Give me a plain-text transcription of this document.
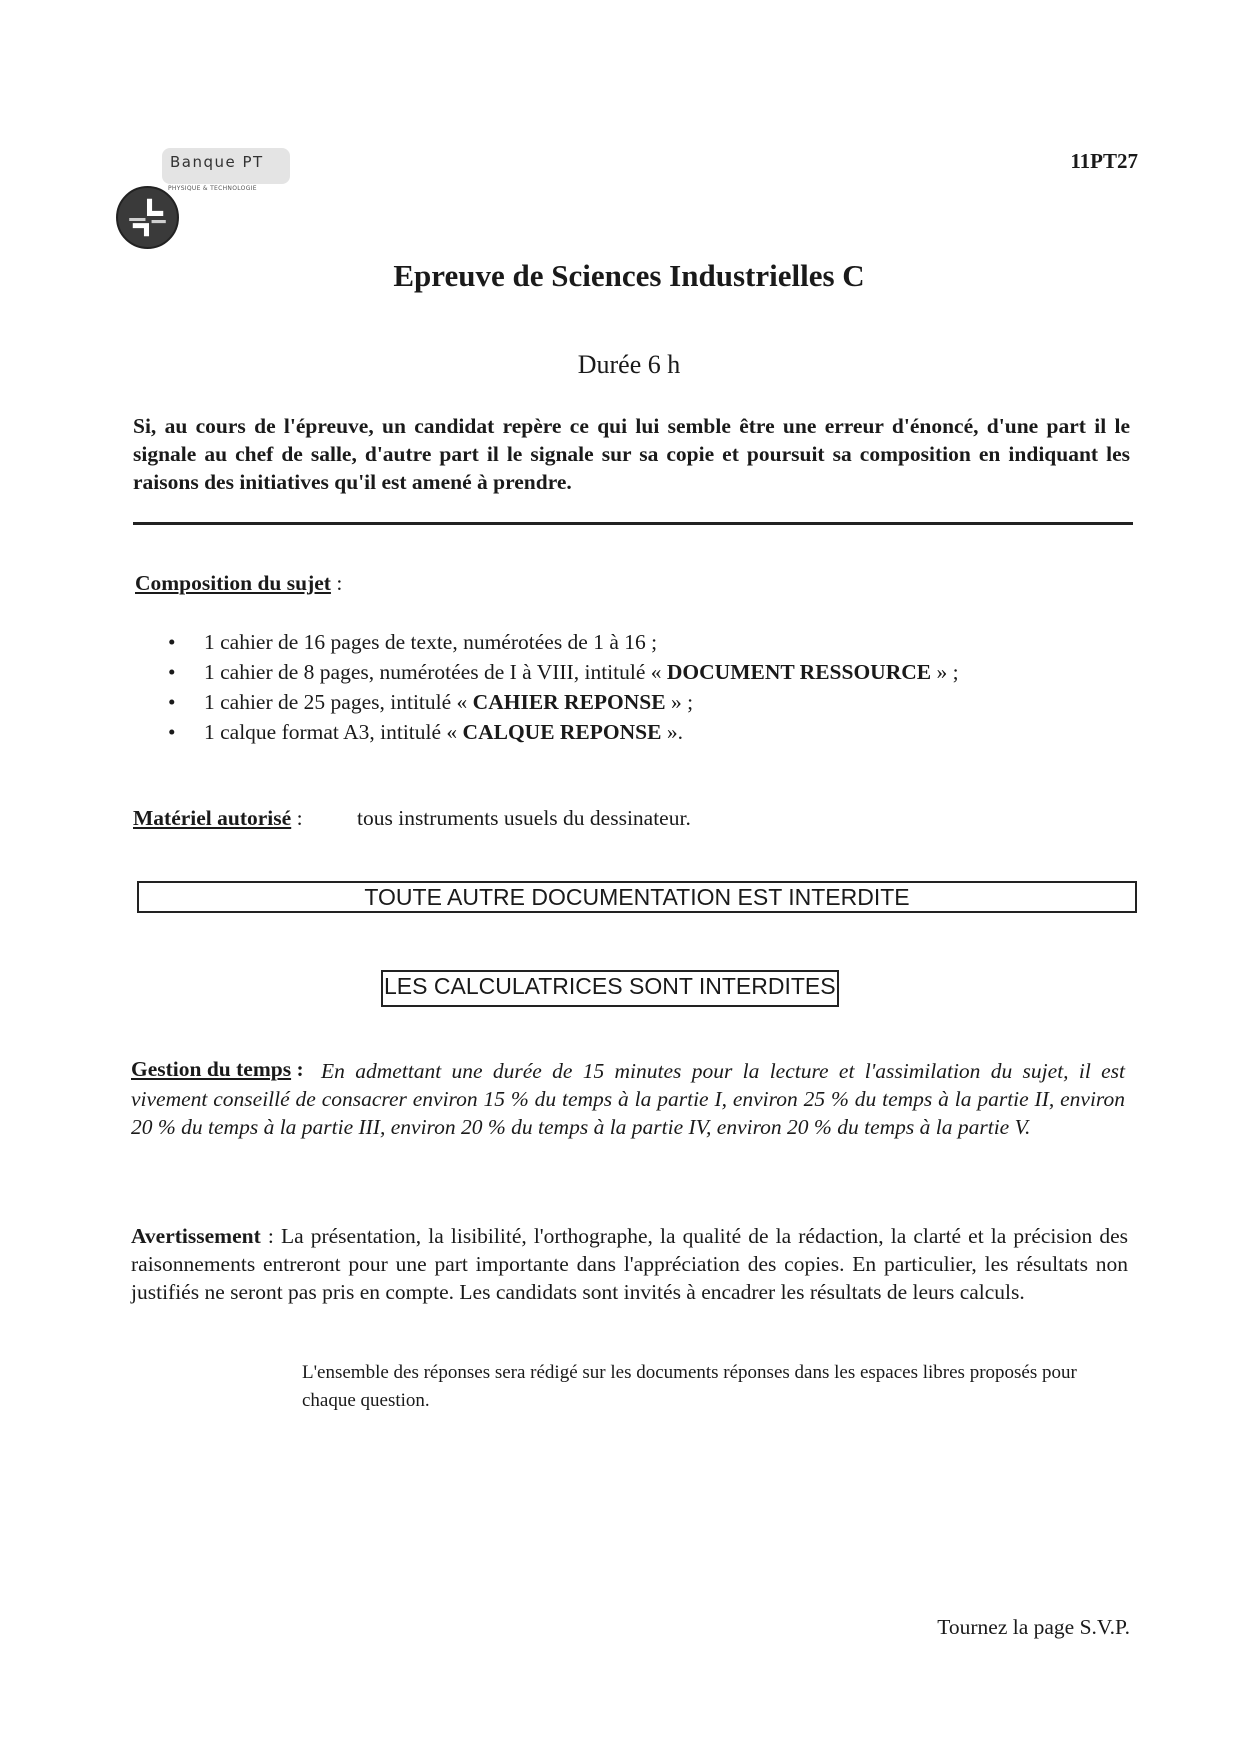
Banque PT
PHYSIQUE & TECHNOLOGIE
11PT27
Epreuve de Sciences Industrielles C
Durée 6 h
Si, au cours de l'épreuve, un candidat repère ce qui lui semble être une erreur d'énoncé, d'une part il le signale au chef de salle, d'autre part il le signale sur sa copie et poursuit sa composition en indiquant les raisons des initiatives qu'il est amené à prendre.
Composition du sujet :
• 1 cahier de 16 pages de texte, numérotées de 1 à 16 ;
• 1 cahier de 8 pages, numérotées de I à VIII, intitulé « DOCUMENT RESSOURCE » ;
• 1 cahier de 25 pages, intitulé « CAHIER REPONSE » ;
• 1 calque format A3, intitulé « CALQUE REPONSE ».
Matériel autorisé :	tous instruments usuels du dessinateur.
TOUTE AUTRE DOCUMENTATION EST INTERDITE
LES CALCULATRICES SONT INTERDITES
En admettant une durée de 15 minutes pour la lecture et l'assimilation du sujet, il est vivement conseillé de consacrer environ 15 % du temps à la partie I, environ 25 % du temps à la partie II, environ 20 % du temps à la partie III, environ 20 % du temps à la partie IV, environ 20 % du temps à la partie V.
Gestion du temps :
Avertissement : La présentation, la lisibilité, l'orthographe, la qualité de la rédaction, la clarté et la précision des raisonnements entreront pour une part importante dans l'appréciation des copies. En particulier, les résultats non justifiés ne seront pas pris en compte. Les candidats sont invités à encadrer les résultats de leurs calculs.
L'ensemble des réponses sera rédigé sur les documents réponses dans les espaces libres proposés pour chaque question.
Tournez la page S.V.P.
